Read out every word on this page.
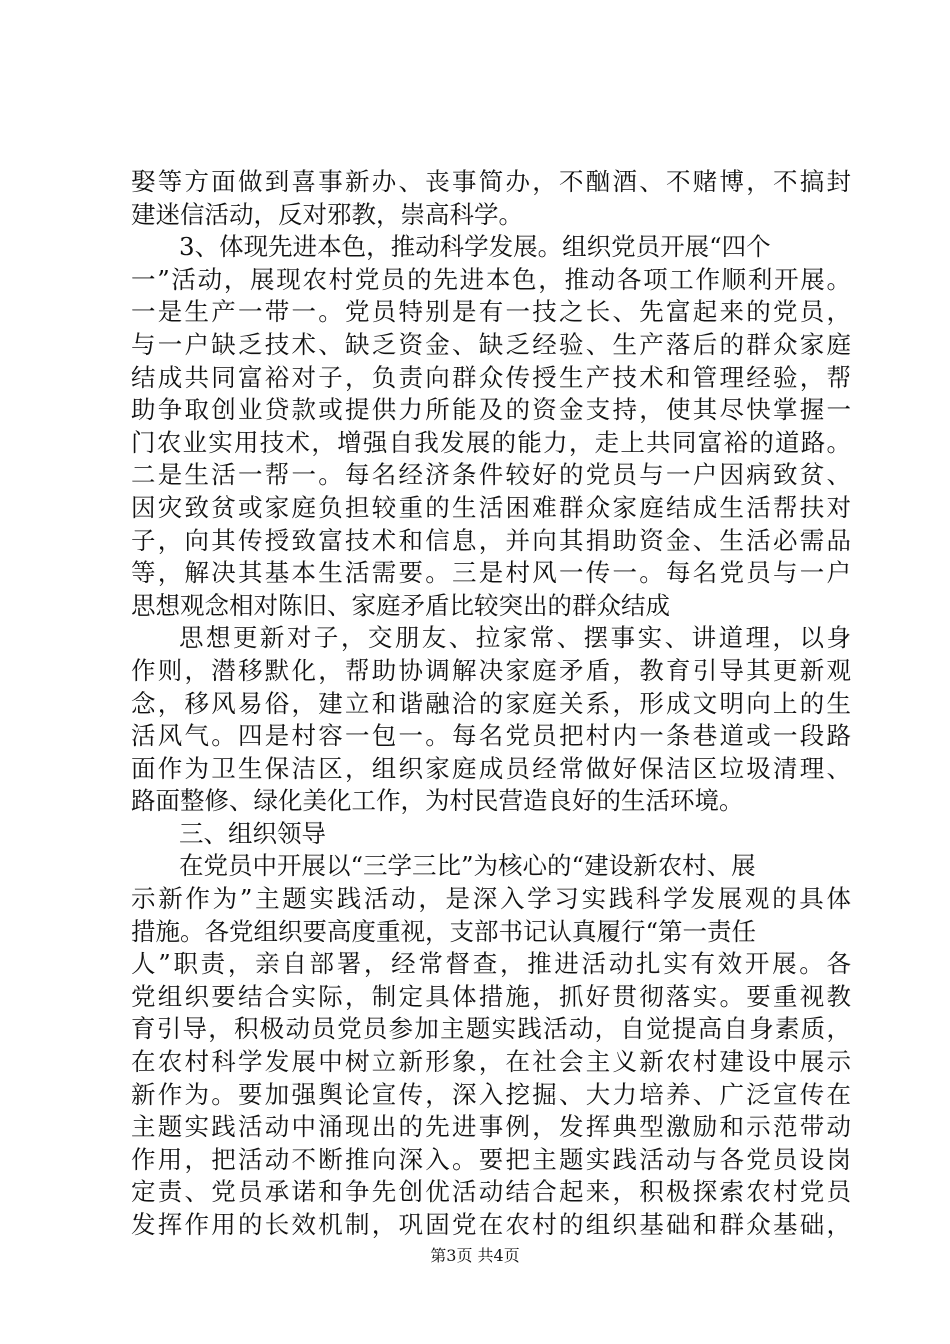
娶等方面做到喜事新办、丧事简办，不酗酒、不赌博，不搞封
建迷信活动，反对邪教，崇高科学。
3、体现先进本色，推动科学发展。组织党员开展“四个
一”活动，展现农村党员的先进本色，推动各项工作顺利开展。
一是生产一带一。党员特别是有一技之长、先富起来的党员，
与一户缺乏技术、缺乏资金、缺乏经验、生产落后的群众家庭
结成共同富裕对子，负责向群众传授生产技术和管理经验，帮
助争取创业贷款或提供力所能及的资金支持，使其尽快掌握一
门农业实用技术，增强自我发展的能力，走上共同富裕的道路。
二是生活一帮一。每名经济条件较好的党员与一户因病致贫、
因灾致贫或家庭负担较重的生活困难群众家庭结成生活帮扶对
子，向其传授致富技术和信息，并向其捐助资金、生活必需品
等，解决其基本生活需要。三是村风一传一。每名党员与一户
思想观念相对陈旧、家庭矛盾比较突出的群众结成
思想更新对子，交朋友、拉家常、摆事实、讲道理，以身
作则，潜移默化，帮助协调解决家庭矛盾，教育引导其更新观
念，移风易俗，建立和谐融洽的家庭关系，形成文明向上的生
活风气。四是村容一包一。每名党员把村内一条巷道或一段路
面作为卫生保洁区，组织家庭成员经常做好保洁区垃圾清理、
路面整修、绿化美化工作，为村民营造良好的生活环境。
三、组织领导
在党员中开展以“三学三比”为核心的“建设新农村、展
示新作为”主题实践活动，是深入学习实践科学发展观的具体
措施。各党组织要高度重视，支部书记认真履行“第一责任
人”职责，亲自部署，经常督查，推进活动扎实有效开展。各
党组织要结合实际，制定具体措施，抓好贯彻落实。要重视教
育引导，积极动员党员参加主题实践活动，自觉提高自身素质，
在农村科学发展中树立新形象，在社会主义新农村建设中展示
新作为。要加强舆论宣传，深入挖掘、大力培养、广泛宣传在
主题实践活动中涌现出的先进事例，发挥典型激励和示范带动
作用，把活动不断推向深入。要把主题实践活动与各党员设岗
定责、党员承诺和争先创优活动结合起来，积极探索农村党员
发挥作用的长效机制，巩固党在农村的组织基础和群众基础，
第3页 共4页
